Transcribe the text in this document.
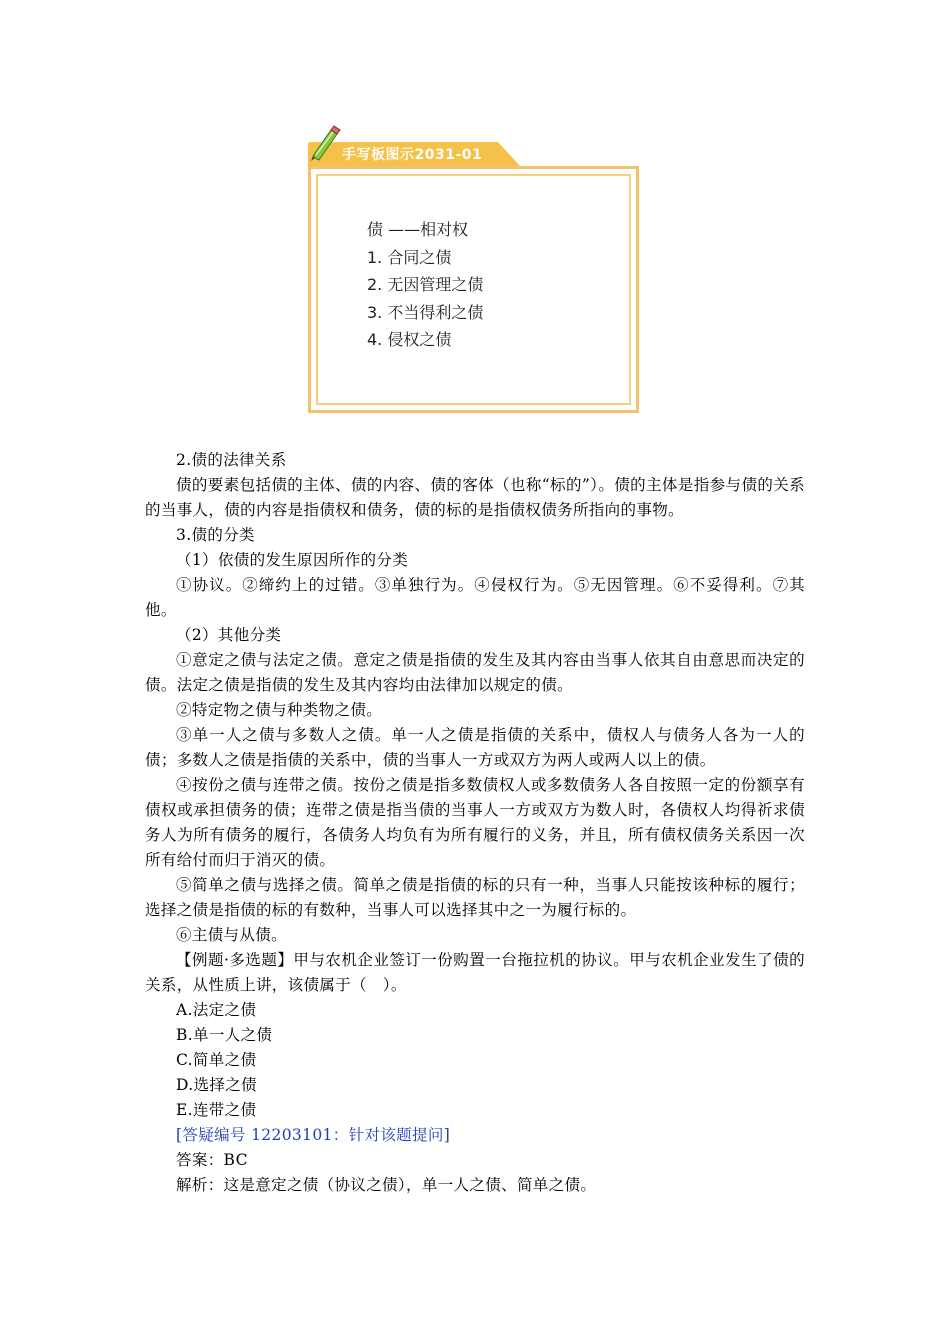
手写板图示2031-01
债 ——相对权
1. 合同之债
2. 无因管理之债
3. 不当得利之债
4. 侵权之债

2.债的法律关系

债的要素包括债的主体、债的内容、债的客体（也称“标的”）。债的主体是指参与债的关系的当事人，债的内容是指债权和债务，债的标的是指债权债务所指向的事物。

3.债的分类

（1）依债的发生原因所作的分类

①协议。②缔约上的过错。③单独行为。④侵权行为。⑤无因管理。⑥不妥得利。⑦其他。

（2）其他分类

①意定之债与法定之债。意定之债是指债的发生及其内容由当事人依其自由意思而决定的债。法定之债是指债的发生及其内容均由法律加以规定的债。

②特定物之债与种类物之债。

③单一人之债与多数人之债。单一人之债是指债的关系中，债权人与债务人各为一人的债；多数人之债是指债的关系中，债的当事人一方或双方为两人或两人以上的债。

④按份之债与连带之债。按份之债是指多数债权人或多数债务人各自按照一定的份额享有债权或承担债务的债；连带之债是指当债的当事人一方或双方为数人时，各债权人均得祈求债务人为所有债务的履行，各债务人均负有为所有履行的义务，并且，所有债权债务关系因一次所有给付而归于消灭的债。

⑤简单之债与选择之债。简单之债是指债的标的只有一种，当事人只能按该种标的履行；选择之债是指债的标的有数种，当事人可以选择其中之一为履行标的。

⑥主债与从债。

【例题·多选题】甲与农机企业签订一份购置一台拖拉机的协议。甲与农机企业发生了债的关系，从性质上讲，该债属于（　）。

A.法定之债

B.单一人之债

C.简单之债

D.选择之债

E.连带之债

[答疑编号 12203101：针对该题提问]

答案：BC

解析：这是意定之债（协议之债），单一人之债、简单之债。
